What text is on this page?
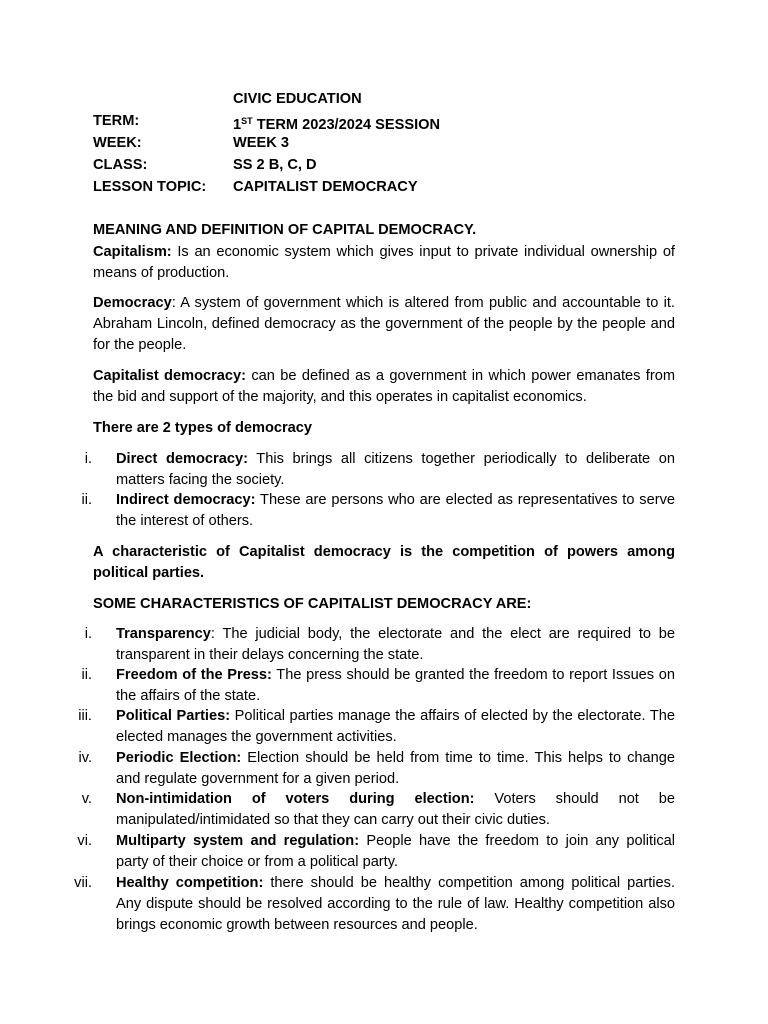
CIVIC EDUCATION
TERM:	1ST TERM 2023/2024 SESSION
WEEK:	WEEK 3
CLASS:	SS 2 B, C, D
LESSON TOPIC:	CAPITALIST DEMOCRACY
MEANING AND DEFINITION OF CAPITAL DEMOCRACY.
Capitalism: Is an economic system which gives input to private individual ownership of means of production.
Democracy: A system of government which is altered from public and accountable to it. Abraham Lincoln, defined democracy as the government of the people by the people and for the people.
Capitalist democracy: can be defined as a government in which power emanates from the bid and support of the majority, and this operates in capitalist economics.
There are 2 types of democracy
i. Direct democracy: This brings all citizens together periodically to deliberate on matters facing the society.
ii. Indirect democracy: These are persons who are elected as representatives to serve the interest of others.
A characteristic of Capitalist democracy is the competition of powers among political parties.
SOME CHARACTERISTICS OF CAPITALIST DEMOCRACY ARE:
i. Transparency: The judicial body, the electorate and the elect are required to be transparent in their delays concerning the state.
ii. Freedom of the Press: The press should be granted the freedom to report Issues on the affairs of the state.
iii. Political Parties: Political parties manage the affairs of elected by the electorate. The elected manages the government activities.
iv. Periodic Election: Election should be held from time to time. This helps to change and regulate government for a given period.
v. Non-intimidation of voters during election: Voters should not be
manipulated/intimidated so that they can carry out their civic duties.
vi. Multiparty system and regulation: People have the freedom to join any political party of their choice or from a political party.
vii. Healthy competition: there should be healthy competition among political parties. Any dispute should be resolved according to the rule of law. Healthy competition also brings economic growth between resources and people.
